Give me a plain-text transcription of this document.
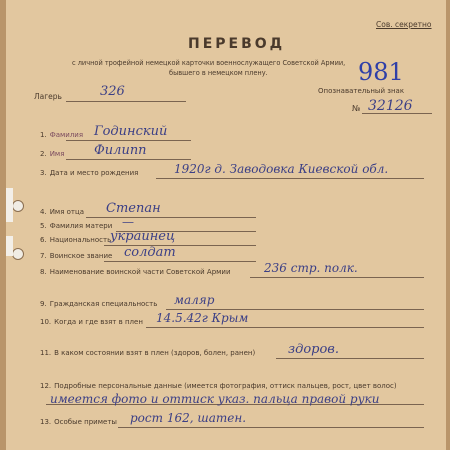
Сов. секретно
ПЕРЕВОД
с личной трофейной немецкой карточки военнослужащего Советской Армии,
бывшего в немецком плену.
Лагерь	326
981
Опознавательный знак
№ 32126
1. Фамилия Годинский
2. Имя Филипп
3. Дата и место рождения	1920г д. Заводовка Киевской обл.
4. Имя отца Степан
5. Фамилия матери —
6. Национальность
украинец
7. Воинское звание солдат
8. Наименование воинской части Советской Армии	236 стр. полк.
9. Гражданская специальность маляр
10. Когда и где взят в плен 14.5.42г Крым
11. В каком состоянии взят в плен (здоров, болен, ранен)	здоров.
12. Подробные персональные данные (имеется фотография, оттиск пальцев, рост, цвет волос)
имеется фото и оттиск указ. пальца правой руки
13. Особые приметы рост 162, шатен.
